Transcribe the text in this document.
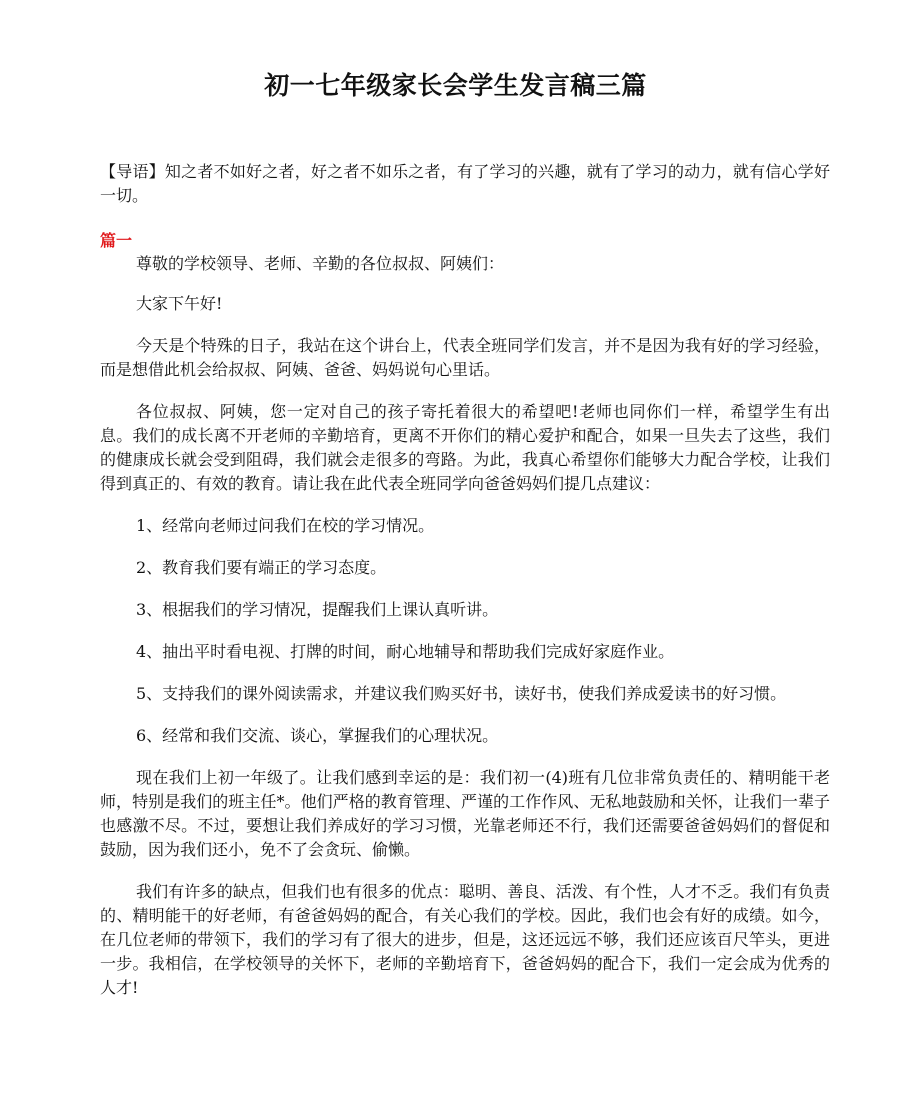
初一七年级家长会学生发言稿三篇

【导语】知之者不如好之者，好之者不如乐之者，有了学习的兴趣，就有了学习的动力，就有信心学好一切。

篇一

尊敬的学校领导、老师、辛勤的各位叔叔、阿姨们：

大家下午好!

今天是个特殊的日子，我站在这个讲台上，代表全班同学们发言，并不是因为我有好的学习经验，而是想借此机会给叔叔、阿姨、爸爸、妈妈说句心里话。

各位叔叔、阿姨，您一定对自己的孩子寄托着很大的希望吧!老师也同你们一样，希望学生有出息。我们的成长离不开老师的辛勤培育，更离不开你们的精心爱护和配合，如果一旦失去了这些，我们的健康成长就会受到阻碍，我们就会走很多的弯路。为此，我真心希望你们能够大力配合学校，让我们得到真正的、有效的教育。请让我在此代表全班同学向爸爸妈妈们提几点建议：

1、经常向老师过问我们在校的学习情况。

2、教育我们要有端正的学习态度。

3、根据我们的学习情况，提醒我们上课认真听讲。

4、抽出平时看电视、打牌的时间，耐心地辅导和帮助我们完成好家庭作业。

5、支持我们的课外阅读需求，并建议我们购买好书，读好书，使我们养成爱读书的好习惯。

6、经常和我们交流、谈心，掌握我们的心理状况。

现在我们上初一年级了。让我们感到幸运的是：我们初一(4)班有几位非常负责任的、精明能干老师，特别是我们的班主任*。他们严格的教育管理、严谨的工作作风、无私地鼓励和关怀，让我们一辈子也感激不尽。不过，要想让我们养成好的学习习惯，光靠老师还不行，我们还需要爸爸妈妈们的督促和鼓励，因为我们还小，免不了会贪玩、偷懒。

我们有许多的缺点，但我们也有很多的优点：聪明、善良、活泼、有个性，人才不乏。我们有负责的、精明能干的好老师，有爸爸妈妈的配合，有关心我们的学校。因此，我们也会有好的成绩。如今，在几位老师的带领下，我们的学习有了很大的进步，但是，这还远远不够，我们还应该百尺竿头，更进一步。我相信，在学校领导的关怀下，老师的辛勤培育下，爸爸妈妈的配合下，我们一定会成为优秀的人才!
